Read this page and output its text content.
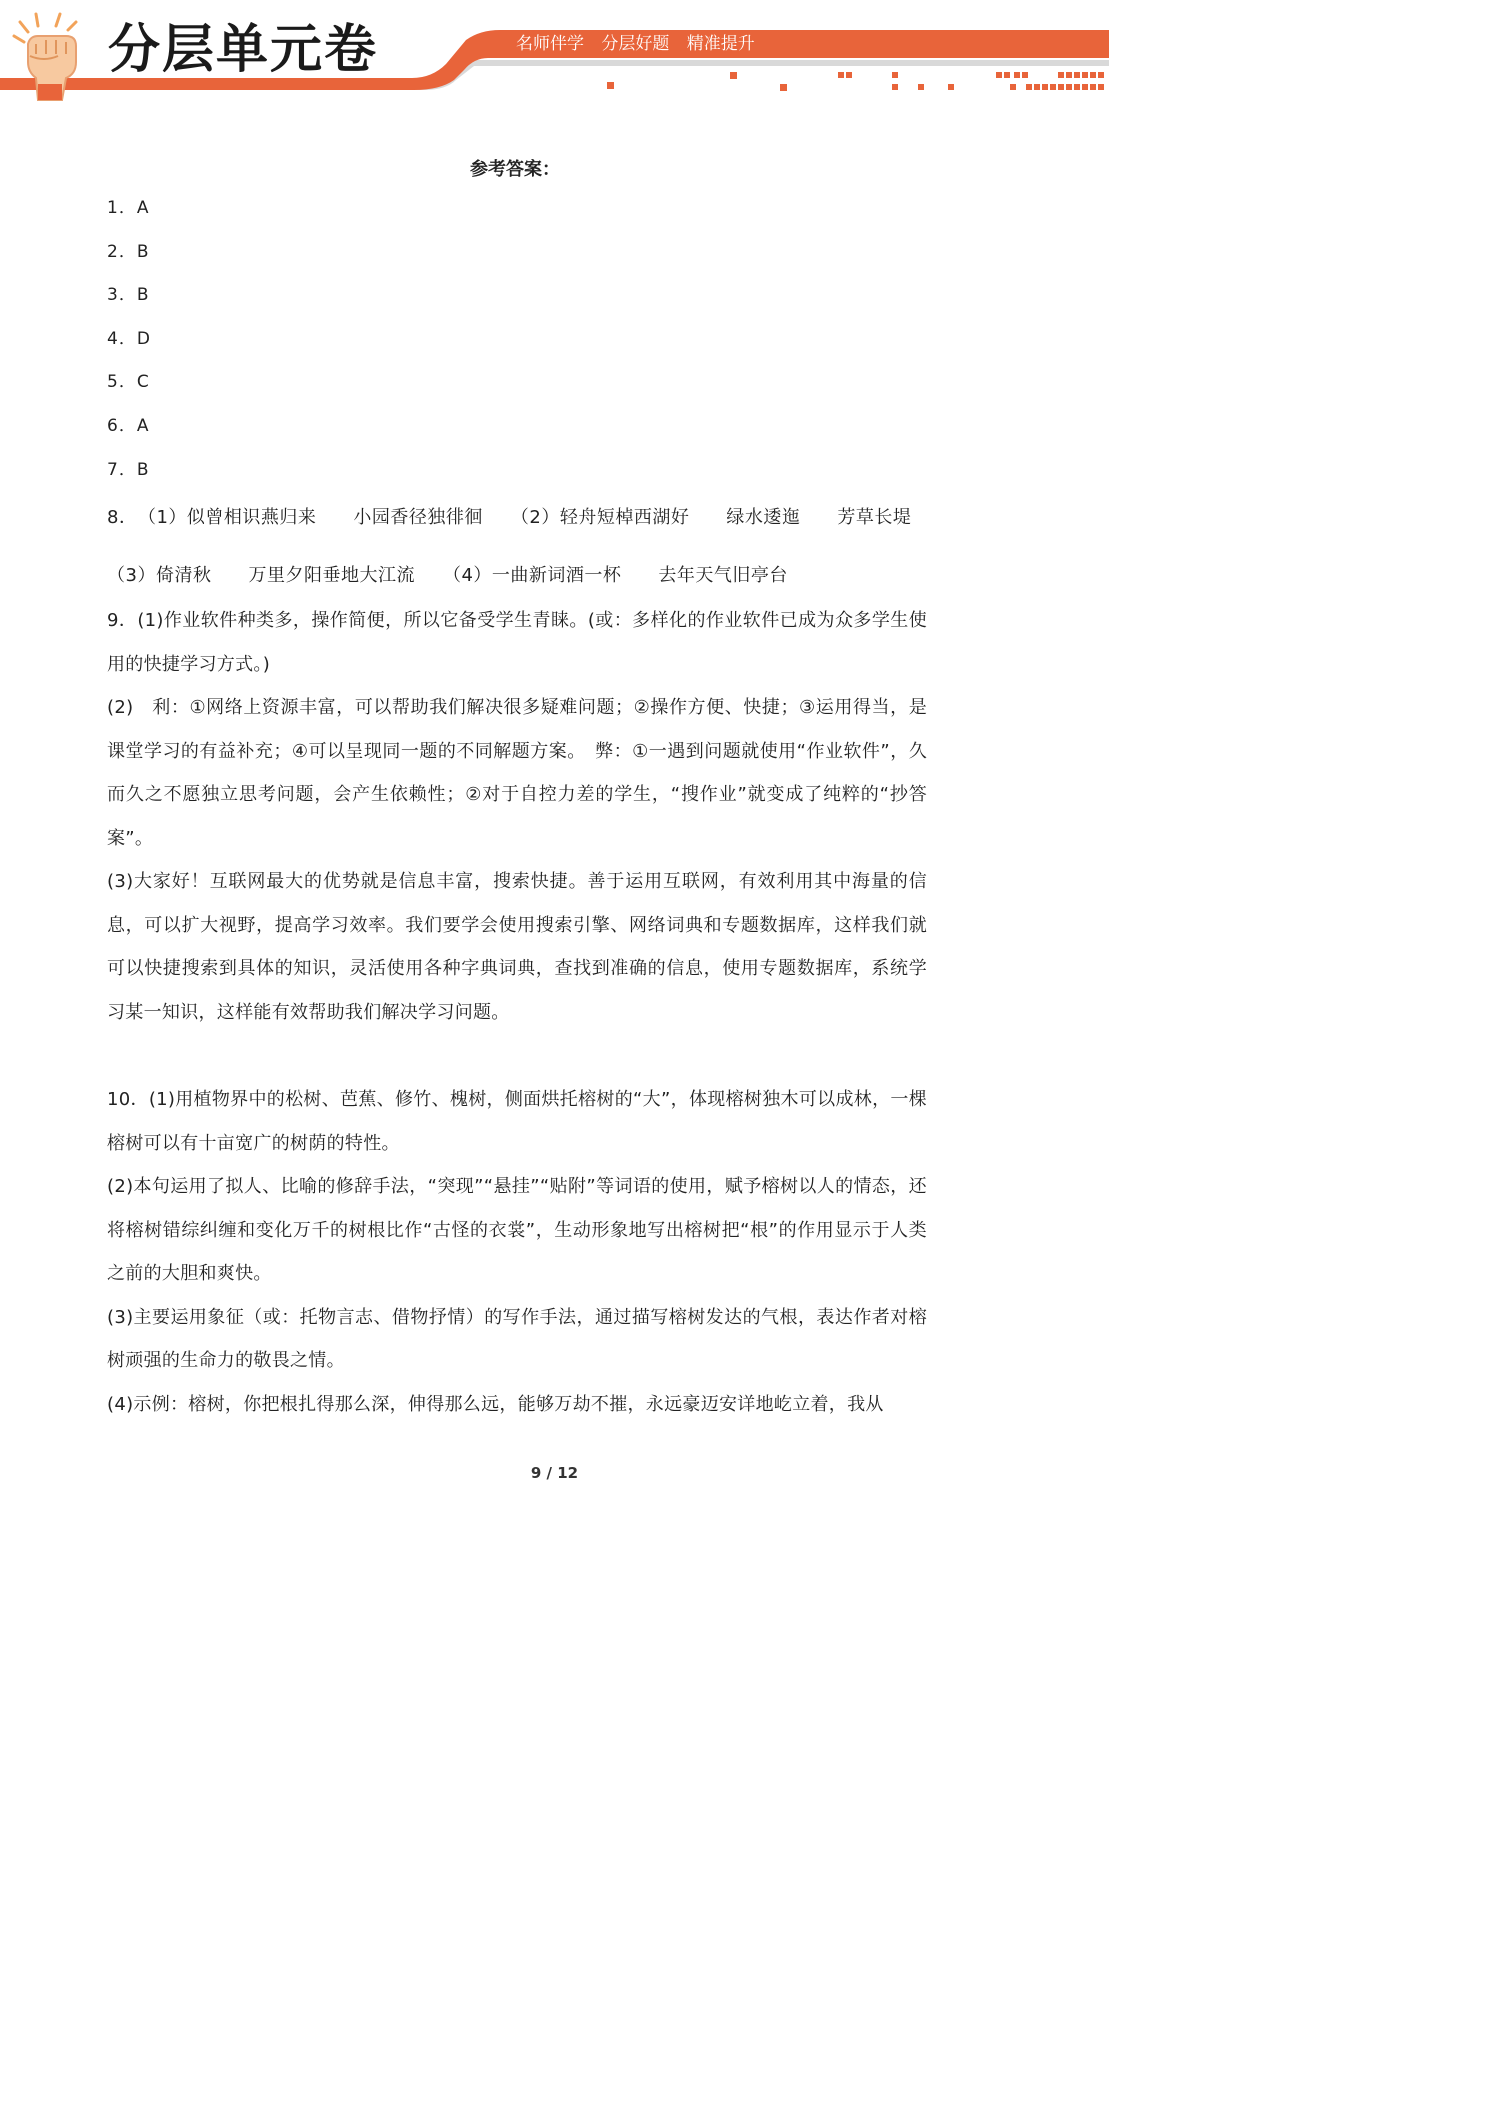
分层单元卷	名师伴学 分层好题 精准提升
参考答案：
1．A
2．B
3．B
4．D
5．C
6．A
7．B

8．　（1）似曾相识燕归来　　小园香径独徘徊　　（2）轻舟短棹西湖好　　绿水逶迤　　芳草长堤　　（3）倚清秋　　万里夕阳垂地大江流　　（4）一曲新词酒一杯　　去年天气旧亭台

9．(1)作业软件种类多，操作简便，所以它备受学生青睐。(或：多样化的作业软件已成为众多学生使用的快捷学习方式。)

(2)　利：①网络上资源丰富，可以帮助我们解决很多疑难问题；②操作方便、快捷；③运用得当，是课堂学习的有益补充；④可以呈现同一题的不同解题方案。　弊：①一遇到问题就使用“作业软件”，久而久之不愿独立思考问题，会产生依赖性；②对于自控力差的学生，“搜作业”就变成了纯粹的“抄答案”。

(3)大家好！互联网最大的优势就是信息丰富，搜索快捷。善于运用互联网，有效利用其中海量的信息，可以扩大视野，提高学习效率。我们要学会使用搜索引擎、网络词典和专题数据库，这样我们就可以快捷搜索到具体的知识，灵活使用各种字典词典，查找到准确的信息，使用专题数据库，系统学习某一知识，这样能有效帮助我们解决学习问题。

10．(1)用植物界中的松树、芭蕉、修竹、槐树，侧面烘托榕树的“大”，体现榕树独木可以成林，一棵榕树可以有十亩宽广的树荫的特性。

(2)本句运用了拟人、比喻的修辞手法，“突现”“悬挂”“贴附”等词语的使用，赋予榕树以人的情态，还将榕树错综纠缠和变化万千的树根比作“古怪的衣裳”，生动形象地写出榕树把“根”的作用显示于人类之前的大胆和爽快。

(3)主要运用象征（或：托物言志、借物抒情）的写作手法，通过描写榕树发达的气根，表达作者对榕树顽强的生命力的敬畏之情。

(4)示例：榕树，你把根扎得那么深，伸得那么远，能够万劫不摧，永远豪迈安详地屹立着，我从

9 / 12
